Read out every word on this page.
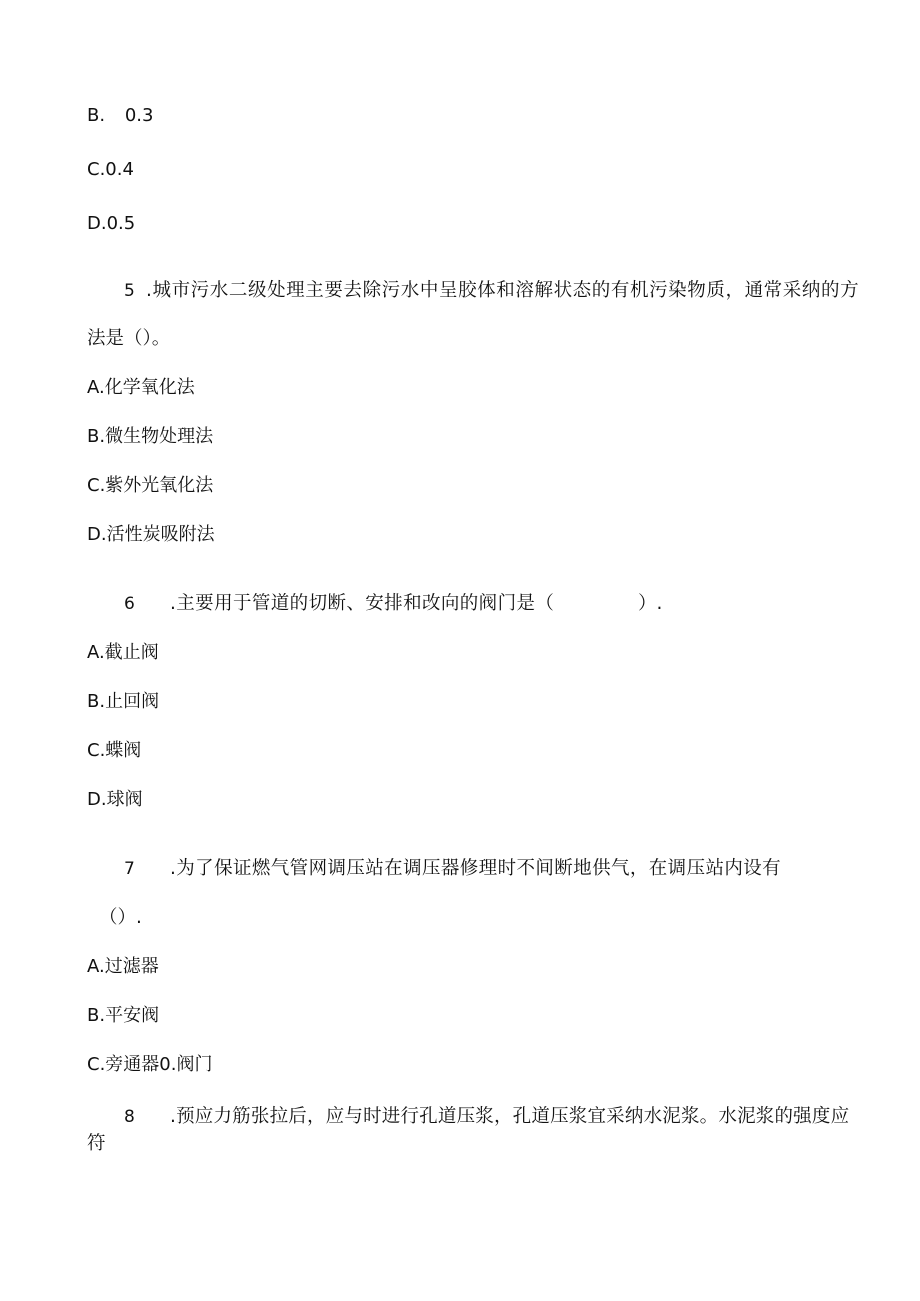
B. 0.3
C.0.4
D.0.5
5 .城市污水二级处理主要去除污水中呈胶体和溶解状态的有机污染物质，通常采纳的方
法是（）。
A.化学氧化法
B.微生物处理法
C.紫外光氧化法
D.活性炭吸附法
6 .主要用于管道的切断、安排和改向的阀门是（	）.
A.截止阀
B.止回阀
C.蝶阀
D.球阀
7 .为了保证燃气管网调压站在调压器修理时不间断地供气，在调压站内设有
（）.
A.过滤器
B.平安阀
C.旁通器0.阀门
8 .预应力筋张拉后，应与时进行孔道压浆，孔道压浆宜采纳水泥浆。水泥浆的强度应
符
